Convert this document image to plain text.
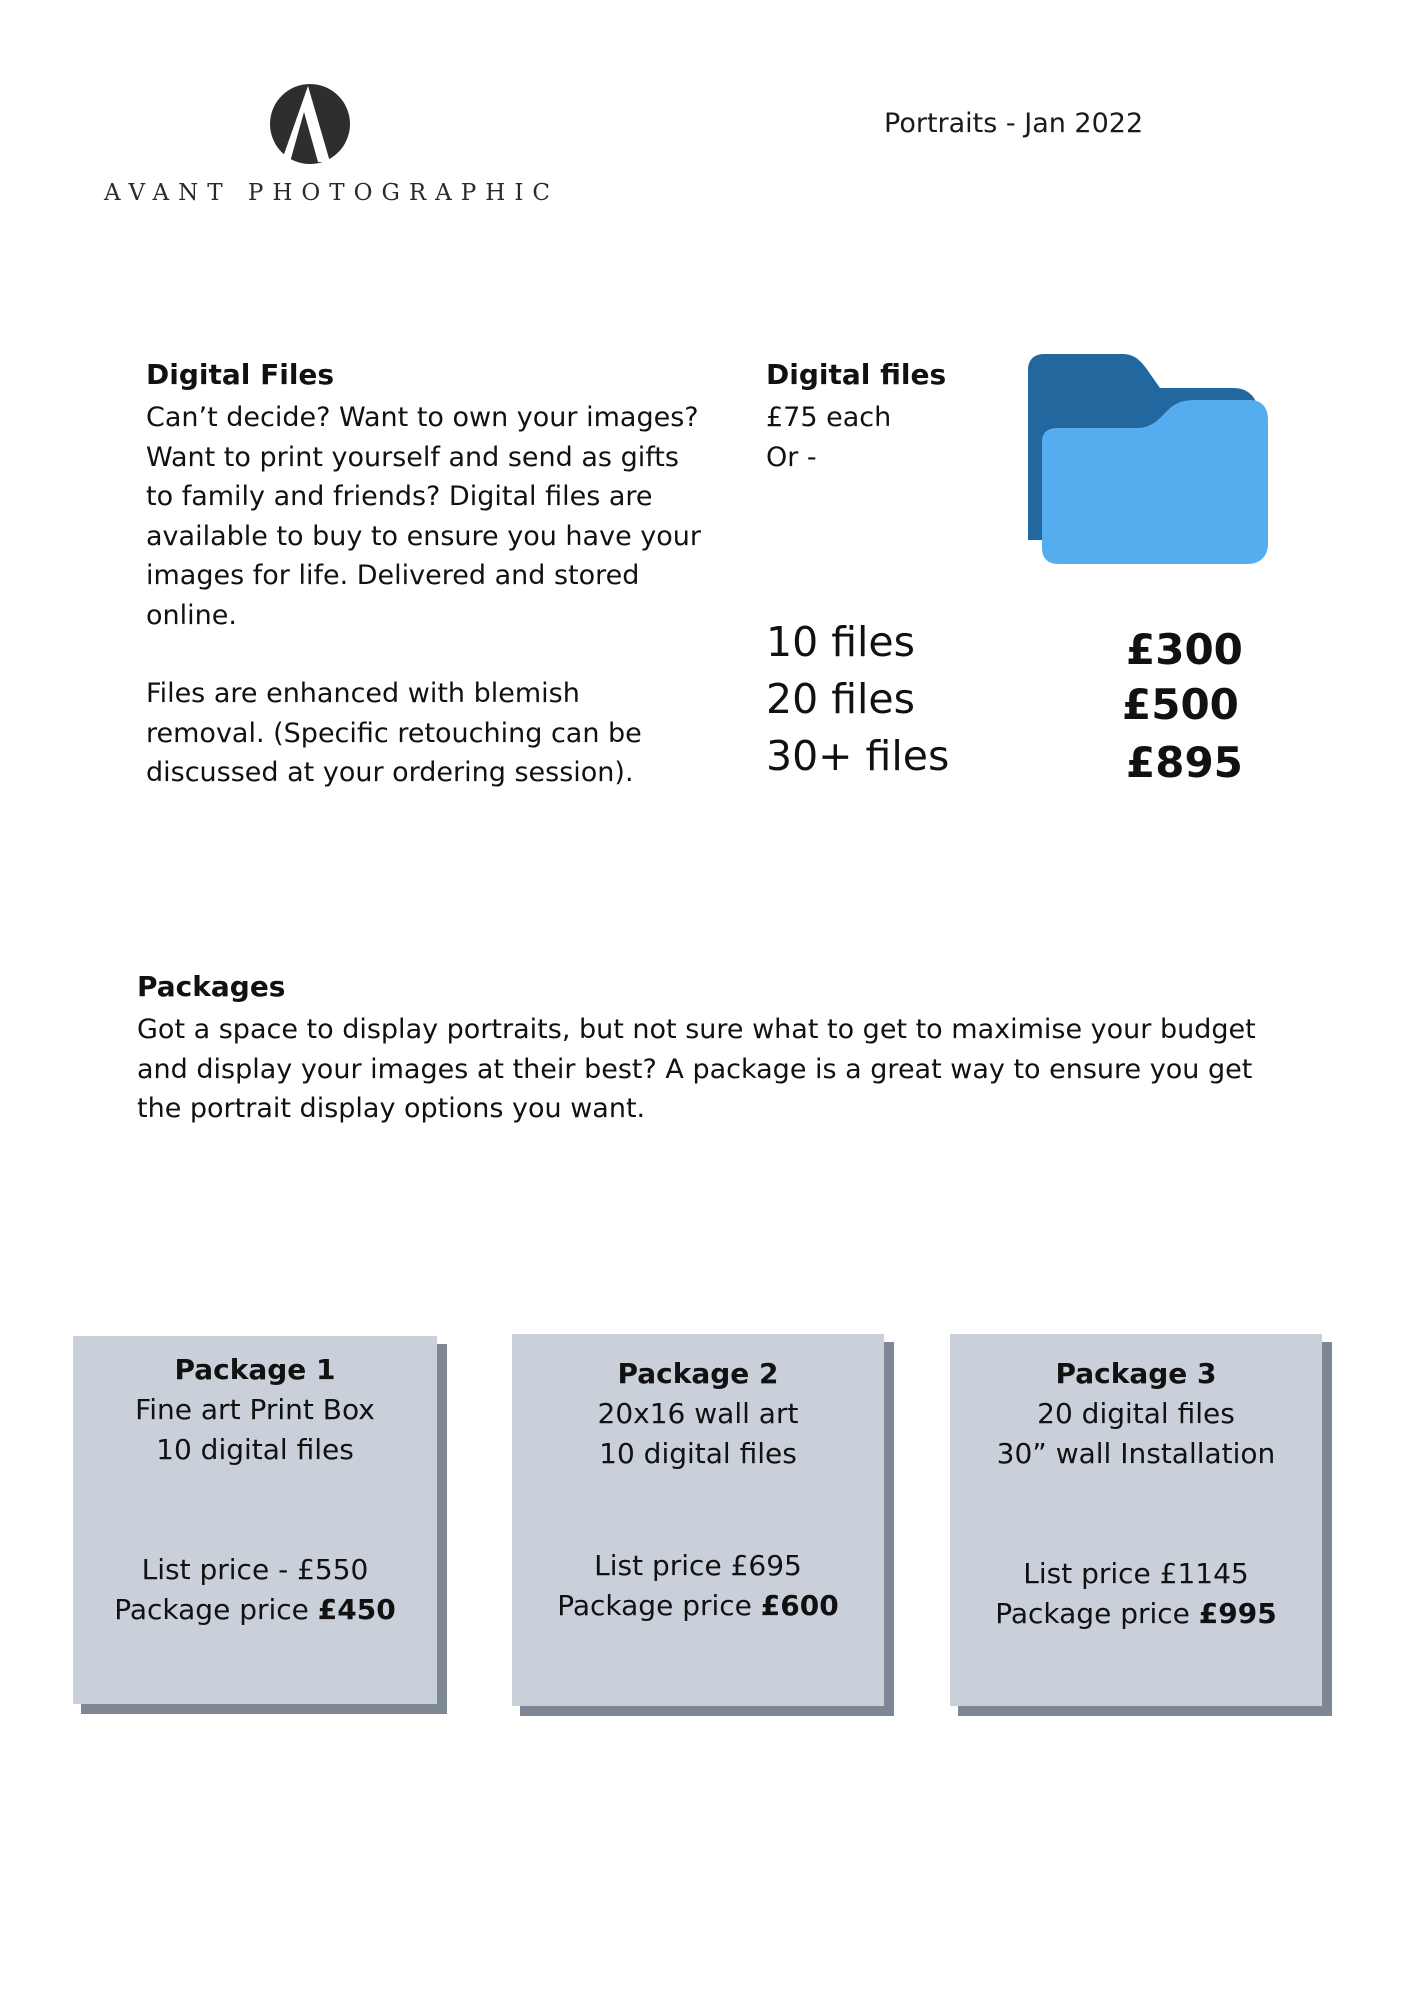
AVANT PHOTOGRAPHIC
Portraits - Jan 2022
Digital Files

Can’t decide? Want to own your images? Want to print yourself and send as gifts to family and friends? Digital files are available to buy to ensure you have your images for life. Delivered and stored online.

Files are enhanced with blemish removal. (Specific retouching can be discussed at your ordering session).

Digital files
£75 each
Or -
10 files
20 files
30+ files
£300
£500
£895
Packages
Got a space to display portraits, but not sure what to get to maximise your budget and display your images at their best? A package is a great way to ensure you get the portrait display options you want.
Package 1
Fine art Print Box
10 digital files
List price - £550
Package price £450
Package 2
20x16 wall art
10 digital files
List price £695
Package price £600
Package 3
20 digital files
30” wall Installation
List price £1145
Package price £995
